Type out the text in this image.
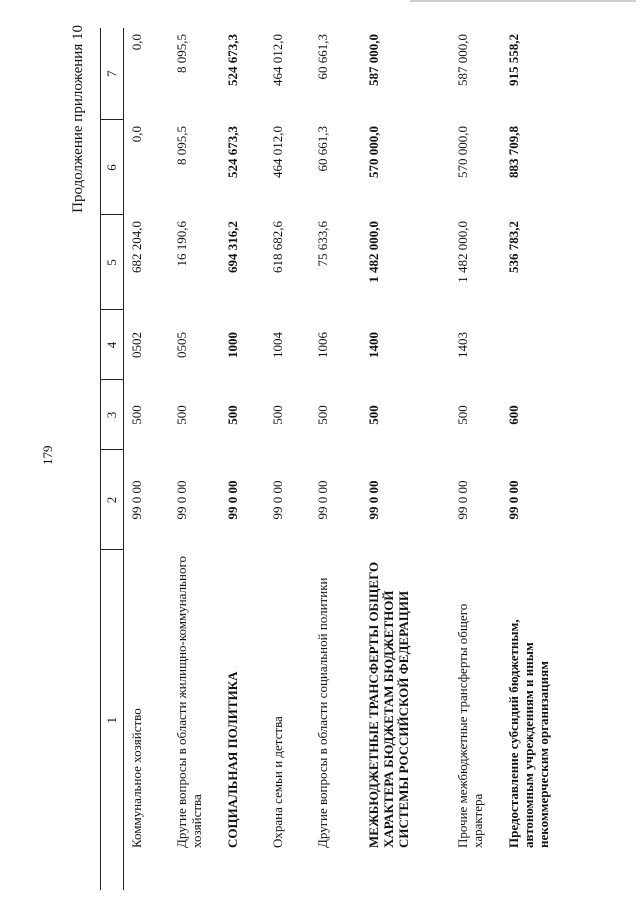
179
Продолжение приложения 10
1	2	3	4	5	6	7
Коммунальное хозяйство	99 0 00	500	0502	682 204,0	0,0	0,0
Другие вопросы в области жилищно-коммунального хозяйства	99 0 00	500	0505	16 190,6	8 095,5	8 095,5
СОЦИАЛЬНАЯ ПОЛИТИКА	99 0 00	500	1000	694 316,2	524 673,3	524 673,3
Охрана семьи и детства	99 0 00	500	1004	618 682,6	464 012,0	464 012,0
Другие вопросы в области социальной политики	99 0 00	500	1006	75 633,6	60 661,3	60 661,3
МЕЖБЮДЖЕТНЫЕ ТРАНСФЕРТЫ ОБЩЕГО ХАРАКТЕРА БЮДЖЕТАМ БЮДЖЕТНОЙ СИСТЕМЫ РОССИЙСКОЙ ФЕДЕРАЦИИ	99 0 00	500	1400	1 482 000,0	570 000,0	587 000,0
Прочие межбюджетные трансферты общего характера	99 0 00	500	1403	1 482 000,0	570 000,0	587 000,0
Предоставление субсидий бюджетным, автономным учреждениям и иным некоммерческим организациям	99 0 00	600		536 783,2	883 709,8	915 558,2
